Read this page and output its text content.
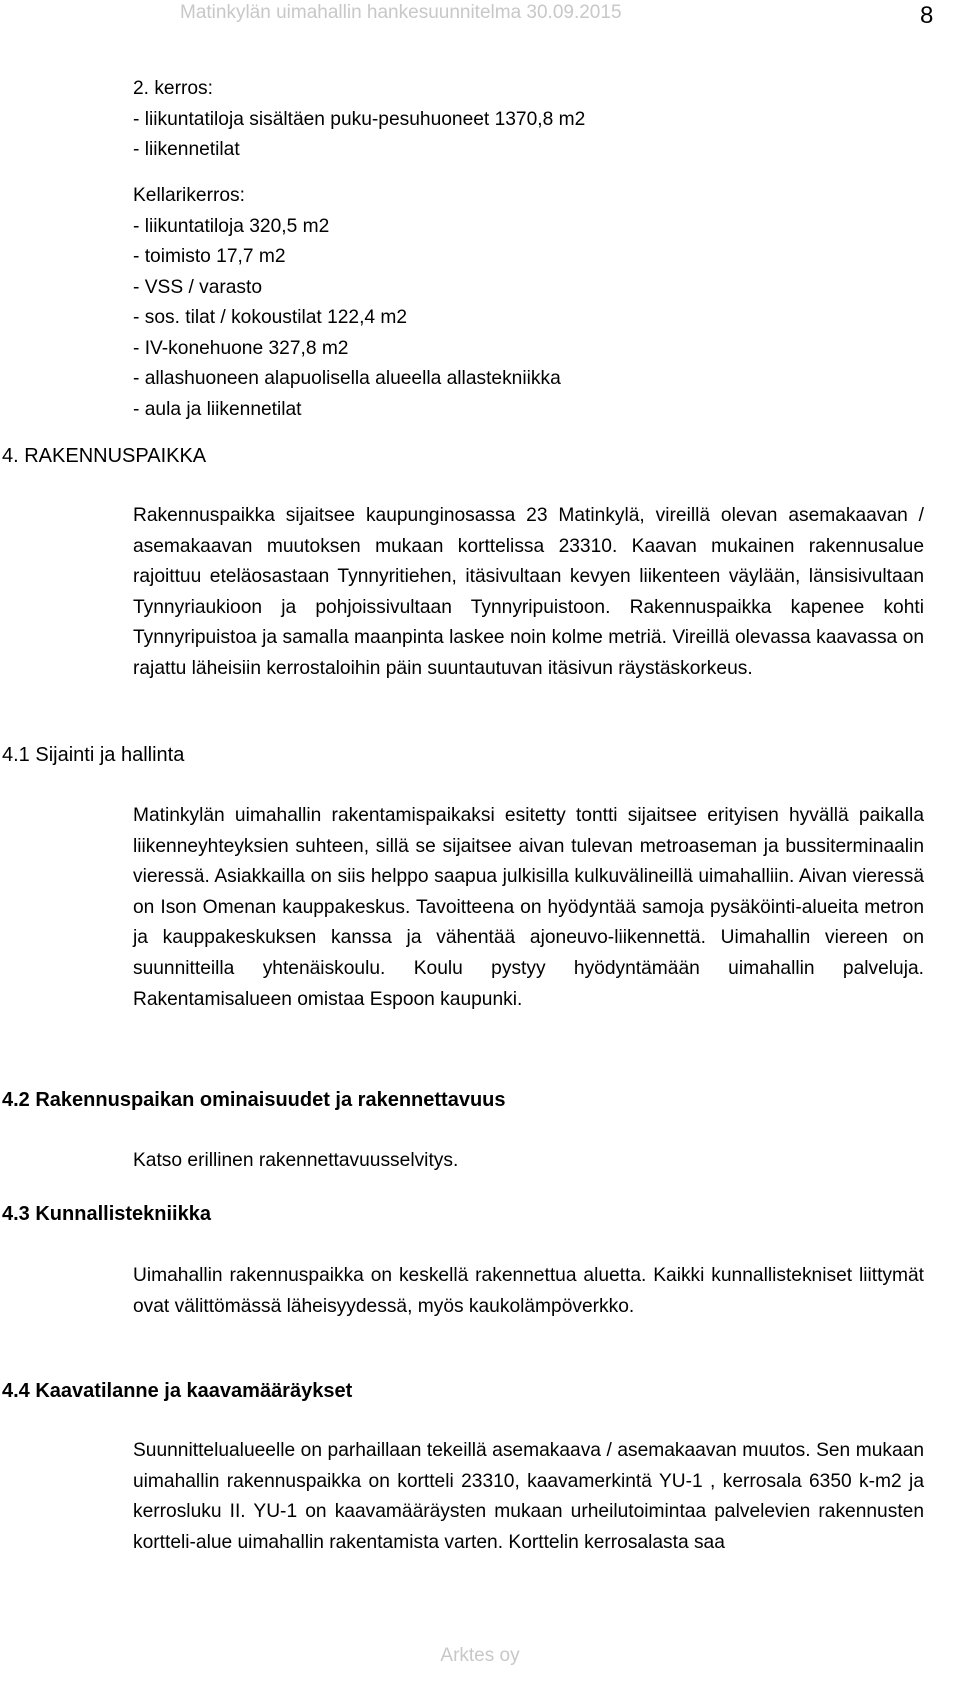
Matinkylän uimahallin hankesuunnitelma 30.09.2015	8
2. kerros:
- liikuntatiloja sisältäen puku-pesuhuoneet 1370,8 m2
- liikennetilat
Kellarikerros:
- liikuntatiloja 320,5 m2
- toimisto 17,7 m2
- VSS / varasto
- sos. tilat / kokoustilat 122,4 m2
- IV-konehuone 327,8 m2
- allashuoneen alapuolisella alueella allastekniikka
- aula ja liikennetilat
4. RAKENNUSPAIKKA
Rakennuspaikka sijaitsee kaupunginosassa 23 Matinkylä, vireillä olevan asemakaavan / asemakaavan muutoksen mukaan korttelissa 23310. Kaavan mukainen rakennusalue rajoittuu eteläosastaan Tynnyritiehen, itäsivultaan kevyen liikenteen väylään, länsisivultaan Tynnyriaukioon ja pohjoissivultaan Tynnyripuistoon. Rakennuspaikka kapenee kohti Tynnyripuistoa ja samalla maanpinta laskee noin kolme metriä. Vireillä olevassa kaavassa on rajattu läheisiin kerrostaloihin päin suuntautuvan itäsivun räystäskorkeus.
4.1 Sijainti ja hallinta
Matinkylän uimahallin rakentamispaikaksi esitetty tontti sijaitsee erityisen hyvällä paikalla liikenneyhteyksien suhteen, sillä se sijaitsee aivan tulevan metroaseman ja bussiterminaalin vieressä. Asiakkailla on siis helppo saapua julkisilla kulkuvälineillä uimahalliin. Aivan vieressä on Ison Omenan kauppakeskus. Tavoitteena on hyödyntää samoja pysäköinti-alueita metron ja kauppakeskuksen kanssa ja vähentää ajoneuvo-liikennettä. Uimahallin viereen on suunnitteilla yhtenäiskoulu. Koulu pystyy hyödyntämään uimahallin palveluja. Rakentamisalueen omistaa Espoon kaupunki.
4.2 Rakennuspaikan ominaisuudet ja rakennettavuus
Katso erillinen rakennettavuusselvitys.
4.3 Kunnallistekniikka
Uimahallin rakennuspaikka on keskellä rakennettua aluetta. Kaikki kunnallistekniset liittymät ovat välittömässä läheisyydessä, myös kaukolämpöverkko.
4.4 Kaavatilanne ja kaavamääräykset
Suunnittelualueelle on parhaillaan tekeillä asemakaava / asemakaavan muutos. Sen mukaan uimahallin rakennuspaikka on kortteli 23310, kaavamerkintä YU-1 , kerrosala 6350 k-m2 ja kerrosluku II. YU-1 on kaavamääräysten mukaan urheilutoimintaa palvelevien rakennusten kortteli-alue uimahallin rakentamista varten. Korttelin kerrosalasta saa
Arktes oy
